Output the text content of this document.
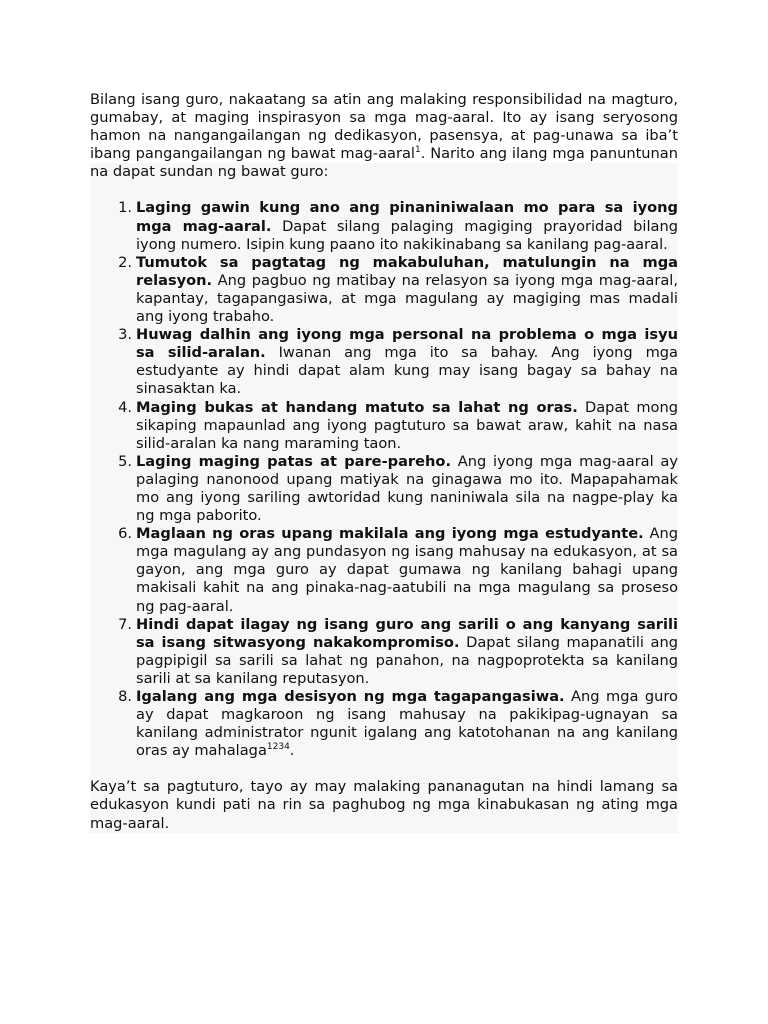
Bilang isang guro, nakaatang sa atin ang malaking responsibilidad na magturo, gumabay, at maging inspirasyon sa mga mag-aaral. Ito ay isang seryosong hamon na nangangailangan ng dedikasyon, pasensya, at pag-unawa sa iba’t ibang pangangailangan ng bawat mag-aaral$^1$. Narito ang ilang mga panuntunan na dapat sundan ng bawat guro:

1. Laging gawin kung ano ang pinaniniwalaan mo para sa iyong mga mag-aaral. Dapat silang palaging magiging prayoridad bilang iyong numero. Isipin kung paano ito nakikinabang sa kanilang pag-aaral.
2. Tumutok sa pagtatag ng makabuluhan, matulungin na mga relasyon. Ang pagbuo ng matibay na relasyon sa iyong mga mag-aaral, kapantay, tagapangasiwa, at mga magulang ay magiging mas madali ang iyong trabaho.
3. Huwag dalhin ang iyong mga personal na problema o mga isyu sa silid-aralan. Iwanan ang mga ito sa bahay. Ang iyong mga estudyante ay hindi dapat alam kung may isang bagay sa bahay na sinasaktan ka.
4. Maging bukas at handang matuto sa lahat ng oras. Dapat mong sikaping mapaunlad ang iyong pagtuturo sa bawat araw, kahit na nasa silid-aralan ka nang maraming taon.
5. Laging maging patas at pare-pareho. Ang iyong mga mag-aaral ay palaging nanonood upang matiyak na ginagawa mo ito. Mapapahamak mo ang iyong sariling awtoridad kung naniniwala sila na nagpe-play ka ng mga paborito.
6. Maglaan ng oras upang makilala ang iyong mga estudyante. Ang mga magulang ay ang pundasyon ng isang mahusay na edukasyon, at sa gayon, ang mga guro ay dapat gumawa ng kanilang bahagi upang makisali kahit na ang pinaka-nag-aatubili na mga magulang sa proseso ng pag-aaral.
7. Hindi dapat ilagay ng isang guro ang sarili o ang kanyang sarili sa isang sitwasyong nakakompromiso. Dapat silang mapanatili ang pagpipigil sa sarili sa lahat ng panahon, na nagpoprotekta sa kanilang sarili at sa kanilang reputasyon.
8. Igalang ang mga desisyon ng mga tagapangasiwa. Ang mga guro ay dapat magkaroon ng isang mahusay na pakikipag-ugnayan sa kanilang administrator ngunit igalang ang katotohanan na ang kanilang oras ay mahalaga$^{1234}$.

Kaya’t sa pagtuturo, tayo ay may malaking pananagutan na hindi lamang sa edukasyon kundi pati na rin sa paghubog ng mga kinabukasan ng ating mga mag-aaral.
